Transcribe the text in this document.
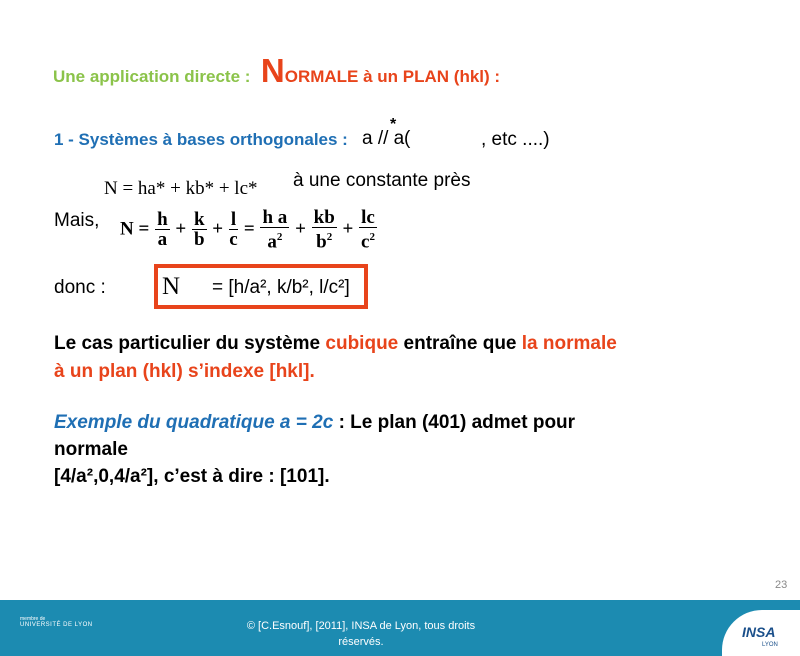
Une application directe : NORMALE à un PLAN (hkl) :
1 - Systèmes à bases orthogonales : a // a
*
(	, etc ....)
N = ha* + kb* + lc* à une constante près
Mais, $N = \frac{h}{a} + \frac{k}{b} + \frac{l}{c} = \frac{\text{h a}}{a^2} + \frac{kb}{b^2} + \frac{lc}{c^2}$
donc : N = [h/a², k/b², l/c²]
Le cas particulier du système cubique entraîne que la normale
à un plan (hkl) s’indexe [hkl].
Exemple du quadratique a = 2c : Le plan (401) admet pour
normale
[4/a²,0,4/a²], c’est à dire : [101].
23
membre de
UNIVERSITÉ DE LYON	© [C.Esnouf], [2011], INSA de Lyon, tous droits
réservés.
INSA
LYON
